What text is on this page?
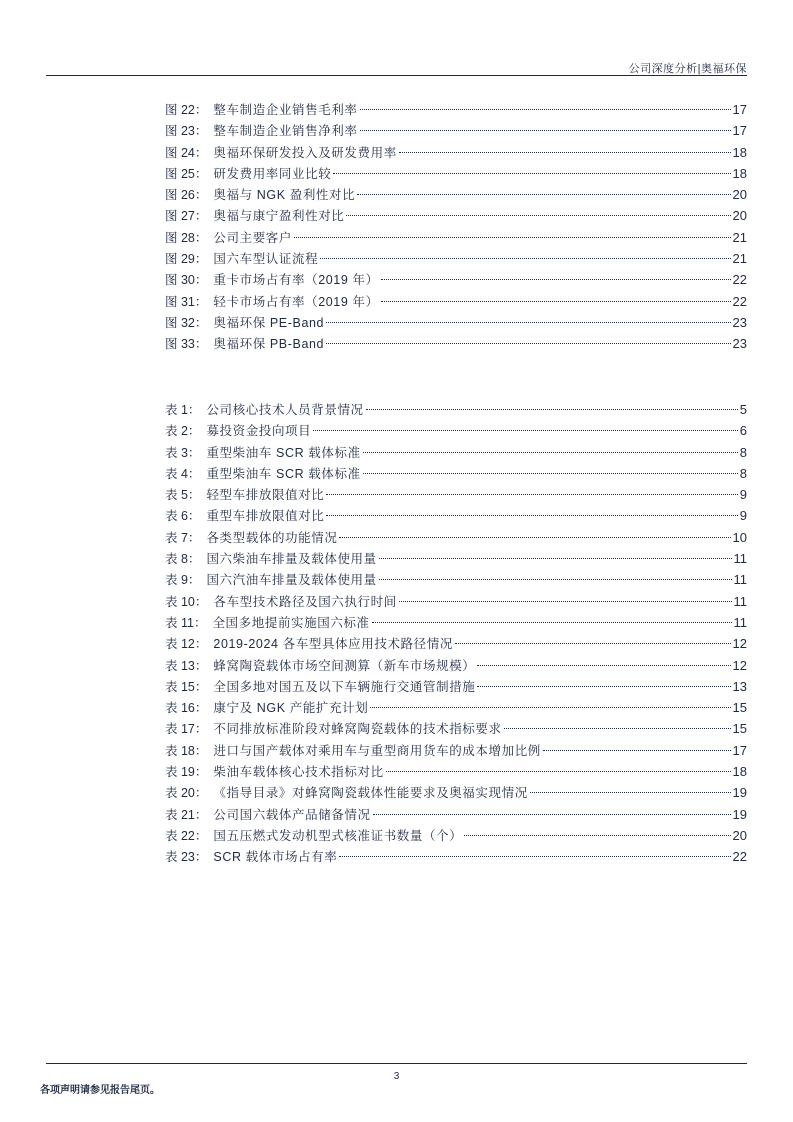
公司深度分析|奥福环保
图 22： 整车制造企业销售毛利率	17
图 23： 整车制造企业销售净利率	17
图 24： 奥福环保研发投入及研发费用率	18
图 25： 研发费用率同业比较	18
图 26： 奥福与 NGK 盈利性对比	20
图 27： 奥福与康宁盈利性对比	20
图 28： 公司主要客户	21
图 29： 国六车型认证流程	21
图 30： 重卡市场占有率（2019 年）	22
图 31： 轻卡市场占有率（2019 年）	22
图 32： 奥福环保 PE-Band	23
图 33： 奥福环保 PB-Band	23
表 1： 公司核心技术人员背景情况	5
表 2： 募投资金投向项目	6
表 3： 重型柴油车 SCR 载体标准	8
表 4： 重型柴油车 SCR 载体标准	8
表 5： 轻型车排放限值对比	9
表 6： 重型车排放限值对比	9
表 7： 各类型载体的功能情况	10
表 8： 国六柴油车排量及载体使用量	11
表 9： 国六汽油车排量及载体使用量	11
表 10： 各车型技术路径及国六执行时间	11
表 11： 全国多地提前实施国六标准	11
表 12： 2019-2024 各车型具体应用技术路径情况	12
表 13： 蜂窝陶瓷载体市场空间测算（新车市场规模）	12
表 15： 全国多地对国五及以下车辆施行交通管制措施	13
表 16： 康宁及 NGK 产能扩充计划	15
表 17： 不同排放标准阶段对蜂窝陶瓷载体的技术指标要求	15
表 18： 进口与国产载体对乘用车与重型商用货车的成本增加比例	17
表 19： 柴油车载体核心技术指标对比	18
表 20： 《指导目录》对蜂窝陶瓷载体性能要求及奥福实现情况	19
表 21： 公司国六载体产品储备情况	19
表 22： 国五压燃式发动机型式核准证书数量（个）	20
表 23： SCR 载体市场占有率	22
3
各项声明请参见报告尾页。
